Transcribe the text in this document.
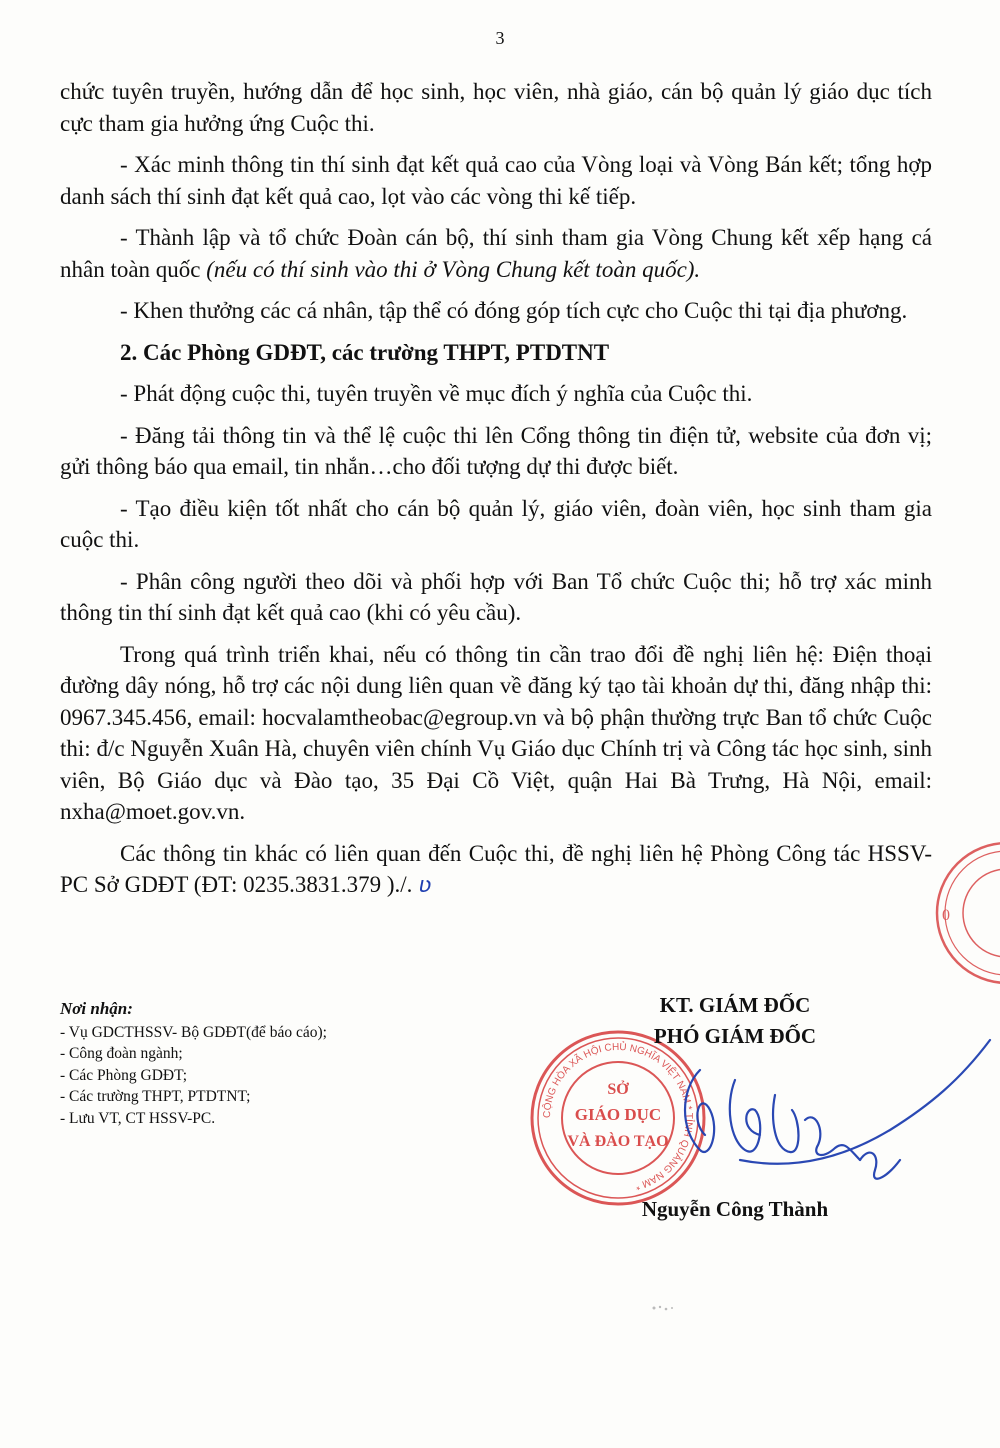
3

chức tuyên truyền, hướng dẫn để học sinh, học viên, nhà giáo, cán bộ quản lý giáo dục tích cực tham gia hưởng ứng Cuộc thi.

- Xác minh thông tin thí sinh đạt kết quả cao của Vòng loại và Vòng Bán kết; tổng hợp danh sách thí sinh đạt kết quả cao, lọt vào các vòng thi kế tiếp.

- Thành lập và tổ chức Đoàn cán bộ, thí sinh tham gia Vòng Chung kết xếp hạng cá nhân toàn quốc (nếu có thí sinh vào thi ở Vòng Chung kết toàn quốc).

- Khen thưởng các cá nhân, tập thể có đóng góp tích cực cho Cuộc thi tại địa phương.

2. Các Phòng GDĐT, các trường THPT, PTDTNT

- Phát động cuộc thi, tuyên truyền về mục đích ý nghĩa của Cuộc thi.

- Đăng tải thông tin và thể lệ cuộc thi lên Cổng thông tin điện tử, website của đơn vị; gửi thông báo qua email, tin nhắn…cho đối tượng dự thi được biết.

- Tạo điều kiện tốt nhất cho cán bộ quản lý, giáo viên, đoàn viên, học sinh tham gia cuộc thi.

- Phân công người theo dõi và phối hợp với Ban Tổ chức Cuộc thi; hỗ trợ xác minh thông tin thí sinh đạt kết quả cao (khi có yêu cầu).

Trong quá trình triển khai, nếu có thông tin cần trao đổi đề nghị liên hệ: Điện thoại đường dây nóng, hỗ trợ các nội dung liên quan về đăng ký tạo tài khoản dự thi, đăng nhập thi: 0967.345.456, email: hocvalamtheobac@egroup.vn và bộ phận thường trực Ban tổ chức Cuộc thi: đ/c Nguyễn Xuân Hà, chuyên viên chính Vụ Giáo dục Chính trị và Công tác học sinh, sinh viên, Bộ Giáo dục và Đào tạo, 35 Đại Cồ Việt, quận Hai Bà Trưng, Hà Nội, email: nxha@moet.gov.vn.

Các thông tin khác có liên quan đến Cuộc thi, đề nghị liên hệ Phòng Công tác HSSV-PC Sở GDĐT (ĐT: 0235.3831.379 )./. ʋ

Nơi nhận:

- Vụ GDCTHSSV- Bộ GDĐT(để báo cáo);

- Công đoàn ngành;

- Các Phòng GDĐT;

- Các trường THPT, PTDTNT;

- Lưu VT, CT HSSV-PC.	CỘNG HÒA XÃ HỘI CHỦ NGHĨA VIỆT NAM * TỈNH QUẢNG NAM *
SỞ
GIÁO DỤC
VÀ ĐÀO TẠO
0
KT. GIÁM ĐỐC
PHÓ GIÁM ĐỐC
Nguyễn Công Thành
